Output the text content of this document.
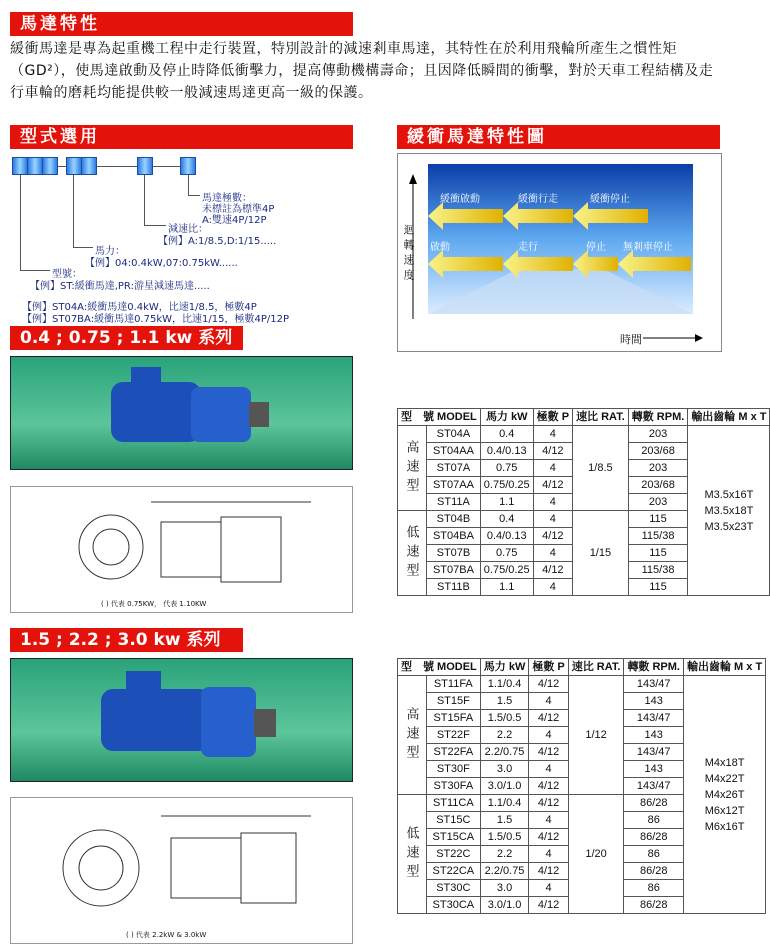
馬達特性
緩衝馬達是專為起重機工程中走行裝置，特別設計的減速剎車馬達，其特性在於利用飛輪所產生之慣性矩（GD²），使馬達啟動及停止時降低衝擊力，提高傳動機構壽命；且因降低瞬間的衝擊，對於天車工程結構及走行車輪的磨耗均能提供較一般減速馬達更高一級的保護。
型式選用
馬達極數：
未標註為標準4P
A:雙速4P/12P
減速比：
【例】A:1/8.5,D:1/15.....
馬力：
【例】04:0.4kW,07:0.75kW......
型號：
【例】ST:緩衝馬達,PR:游星減速馬達.....
【例】ST04A:緩衝馬達0.4kW，比速1/8.5，極數4P
【例】ST07BA:緩衝馬達0.75kW，比速1/15，極數4P/12P
緩衝馬達特性圖
緩衝啟動	緩衝行走	緩衝停止
啟動	走行	停止 無剎車停止
迴轉速度
時間
0.4 ; 0.75 ; 1.1 kw 系列
( ) 代表 0.75KW， 代表 1.10KW
型　號 MODEL		馬力 kW	極數 P	速比 RAT.	轉數 RPM.	輸出齒輪 M x T
高速型	ST04A	0.4	4	1/8.5	203	M3.5x16T
M3.5x18T
M3.5x23T

	ST04AA	0.4/0.13	4/12		203/68	
	ST07A	0.75	4		203	
	ST07AA	0.75/0.25	4/12		203/68	
	ST11A	1.1	4		203	
低速型	ST04B	0.4	4	1/15	115	
	ST04BA	0.4/0.13	4/12		115/38	
	ST07B	0.75	4		115	
	ST07BA	0.75/0.25	4/12		115/38	
	ST11B	1.1	4		115	
1.5 ; 2.2 ; 3.0 kw 系列
( ) 代表 2.2kW & 3.0kW
型　號 MODEL		馬力 kW	極數 P	速比 RAT.	轉數 RPM.	輸出齒輪 M x T
高速型	ST11FA	1.1/0.4	4/12	1/12	143/47	M4x18T
M4x22T
M4x26T
M6x12T
M6x16T

	ST15F	1.5	4		143	
	ST15FA	1.5/0.5	4/12		143/47	
	ST22F	2.2	4		143	
	ST22FA	2.2/0.75	4/12		143/47	
	ST30F	3.0	4		143	
	ST30FA	3.0/1.0	4/12		143/47	
低速型	ST11CA	1.1/0.4	4/12	1/20	86/28	
	ST15C	1.5	4		86	
	ST15CA	1.5/0.5	4/12		86/28	
	ST22C	2.2	4		86	
	ST22CA	2.2/0.75	4/12		86/28	
	ST30C	3.0	4		86	
	ST30CA	3.0/1.0	4/12		86/28	
